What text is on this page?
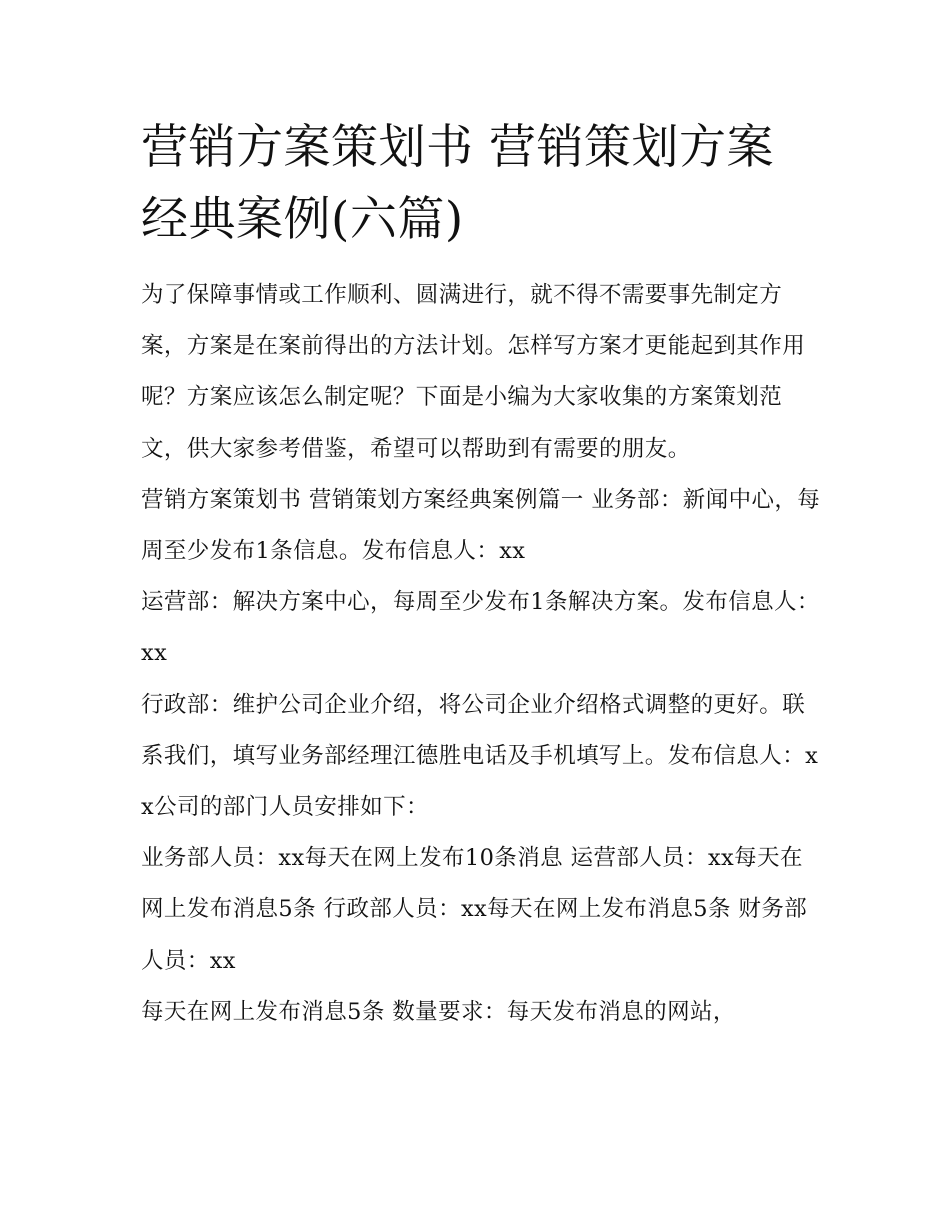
营销方案策划书 营销策划方案经典案例(六篇)

为了保障事情或工作顺利、圆满进行，就不得不需要事先制定方案，方案是在案前得出的方法计划。怎样写方案才更能起到其作用呢？方案应该怎么制定呢？下面是小编为大家收集的方案策划范文，供大家参考借鉴，希望可以帮助到有需要的朋友。

营销方案策划书 营销策划方案经典案例篇一 业务部：新闻中心，每周至少发布1条信息。发布信息人：xx

运营部：解决方案中心，每周至少发布1条解决方案。发布信息人：xx

行政部：维护公司企业介绍，将公司企业介绍格式调整的更好。联系我们，填写业务部经理江德胜电话及手机填写上。发布信息人：xx公司的部门人员安排如下：

业务部人员：xx每天在网上发布10条消息 运营部人员：xx每天在网上发布消息5条 行政部人员：xx每天在网上发布消息5条 财务部人员：xx

每天在网上发布消息5条 数量要求：每天发布消息的网站，
